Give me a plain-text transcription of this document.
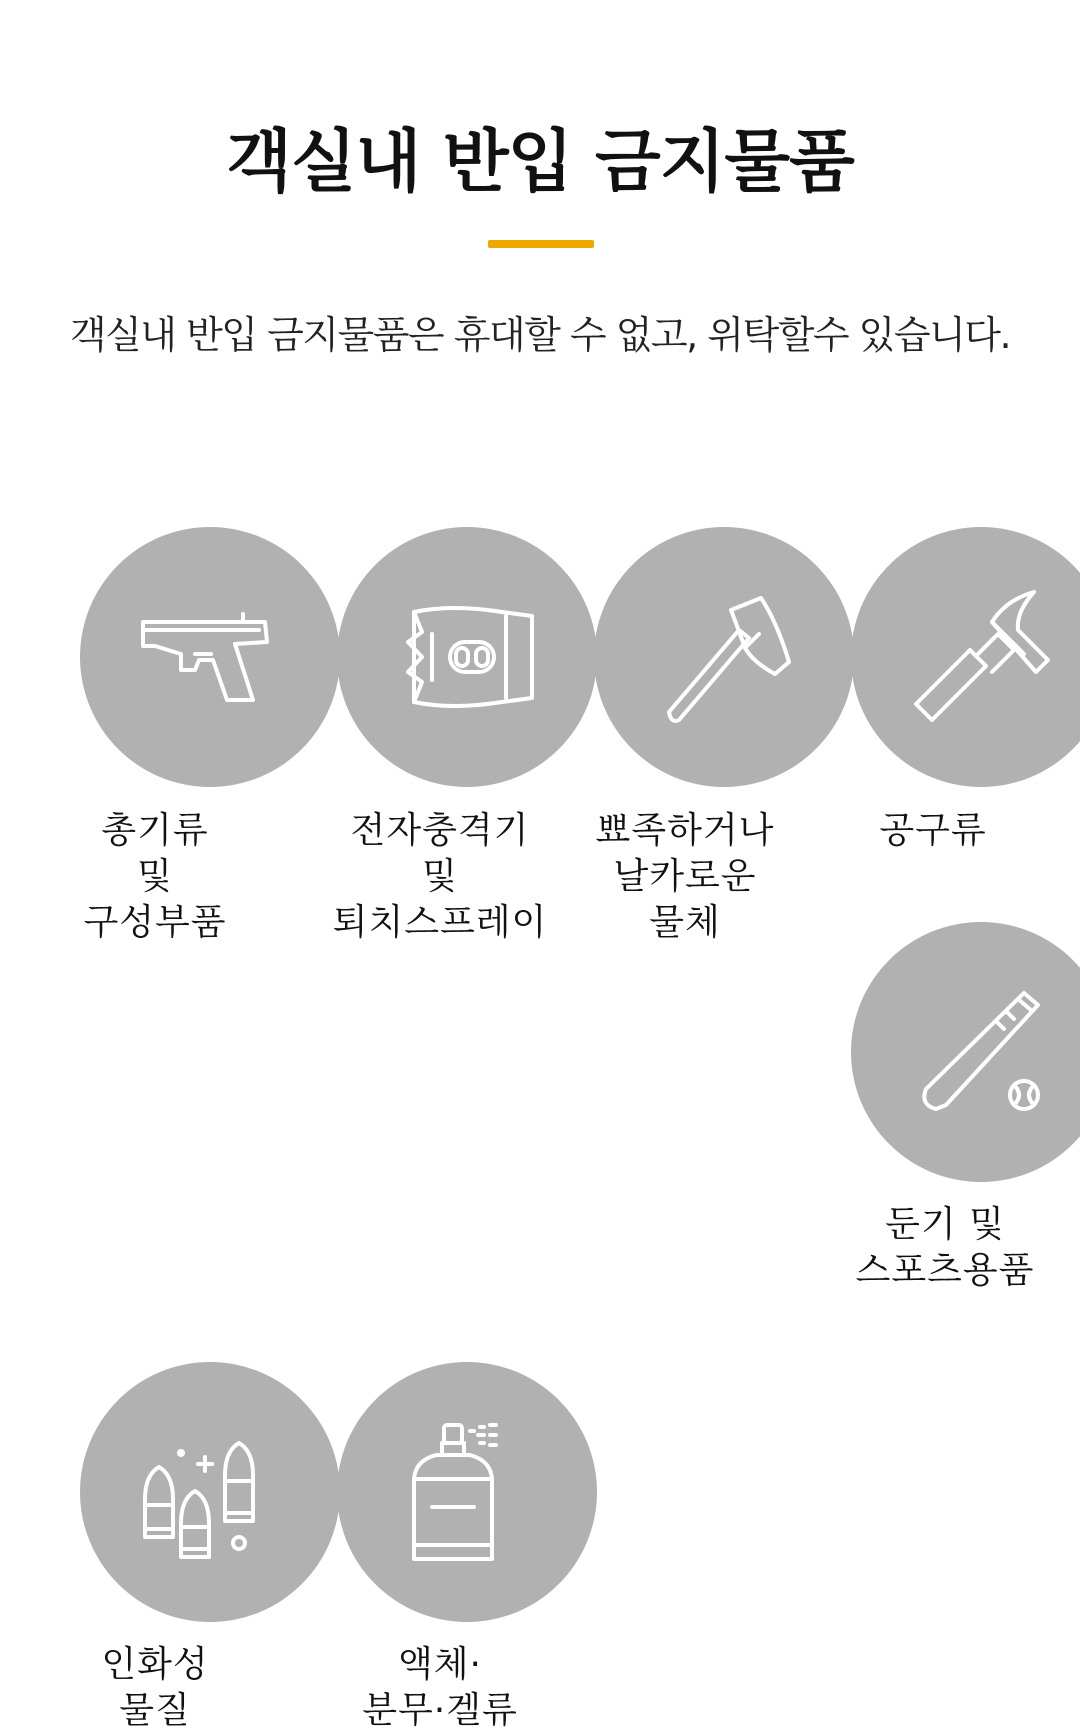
객실내 반입 금지물품

객실내 반입 금지물품은 휴대할 수 없고, 위탁할수 있습니다.

총기류
및
구성부품
전자충격기
및
퇴치스프레이
뾰족하거나
날카로운
물체
공구류
둔기 및
스포츠용품
인화성
물질
액체·
분무·겔류
